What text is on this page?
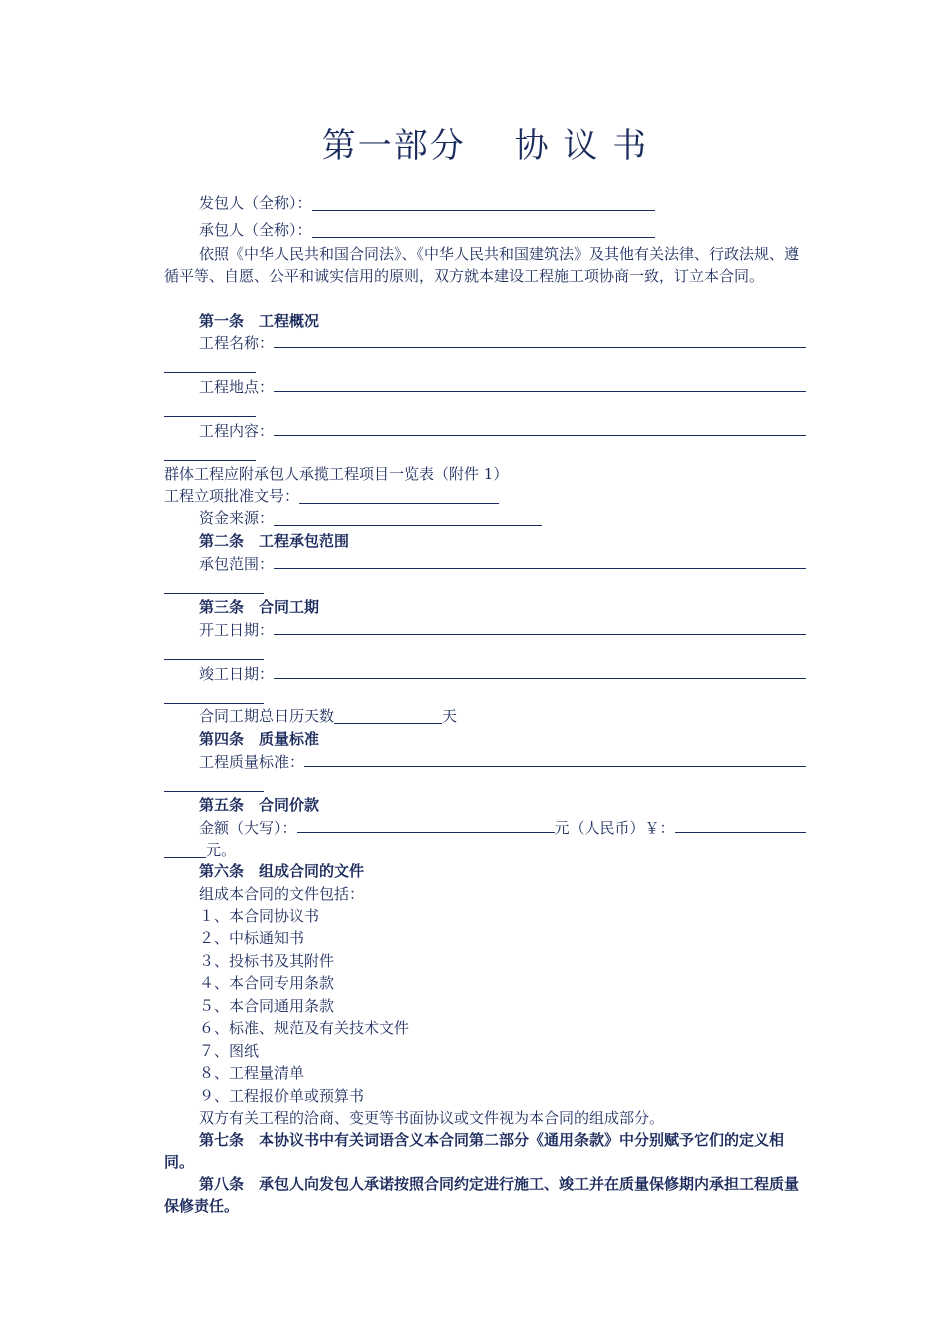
第一部分　 协 议 书
发包人（全称）：
承包人（全称）：
依照《中华人民共和国合同法》、《中华人民共和国建筑法》及其他有关法律、行政法规、遵循平等、自愿、公平和诚实信用的原则，双方就本建设工程施工项协商一致，订立本合同。
第一条　工程概况
工程名称：
工程地点：
工程内容：
群体工程应附承包人承揽工程项目一览表（附件 1）
工程立项批准文号：
资金来源：
第二条　工程承包范围
承包范围：
第三条　合同工期
开工日期：
竣工日期：
合同工期总日历天数	天
第四条　质量标准
工程质量标准：
第五条　合同价款
金额（大写）：	元（人民币）￥：
元。
第六条　组成合同的文件
组成本合同的文件包括：
１、本合同协议书
２、中标通知书
３、投标书及其附件
４、本合同专用条款
５、本合同通用条款
６、标准、规范及有关技术文件
７、图纸
８、工程量清单
９、工程报价单或预算书
双方有关工程的洽商、变更等书面协议或文件视为本合同的组成部分。
第七条　本协议书中有关词语含义本合同第二部分《通用条款》中分别赋予它们的定义相同。
第八条　承包人向发包人承诺按照合同约定进行施工、竣工并在质量保修期内承担工程质量保修责任。
